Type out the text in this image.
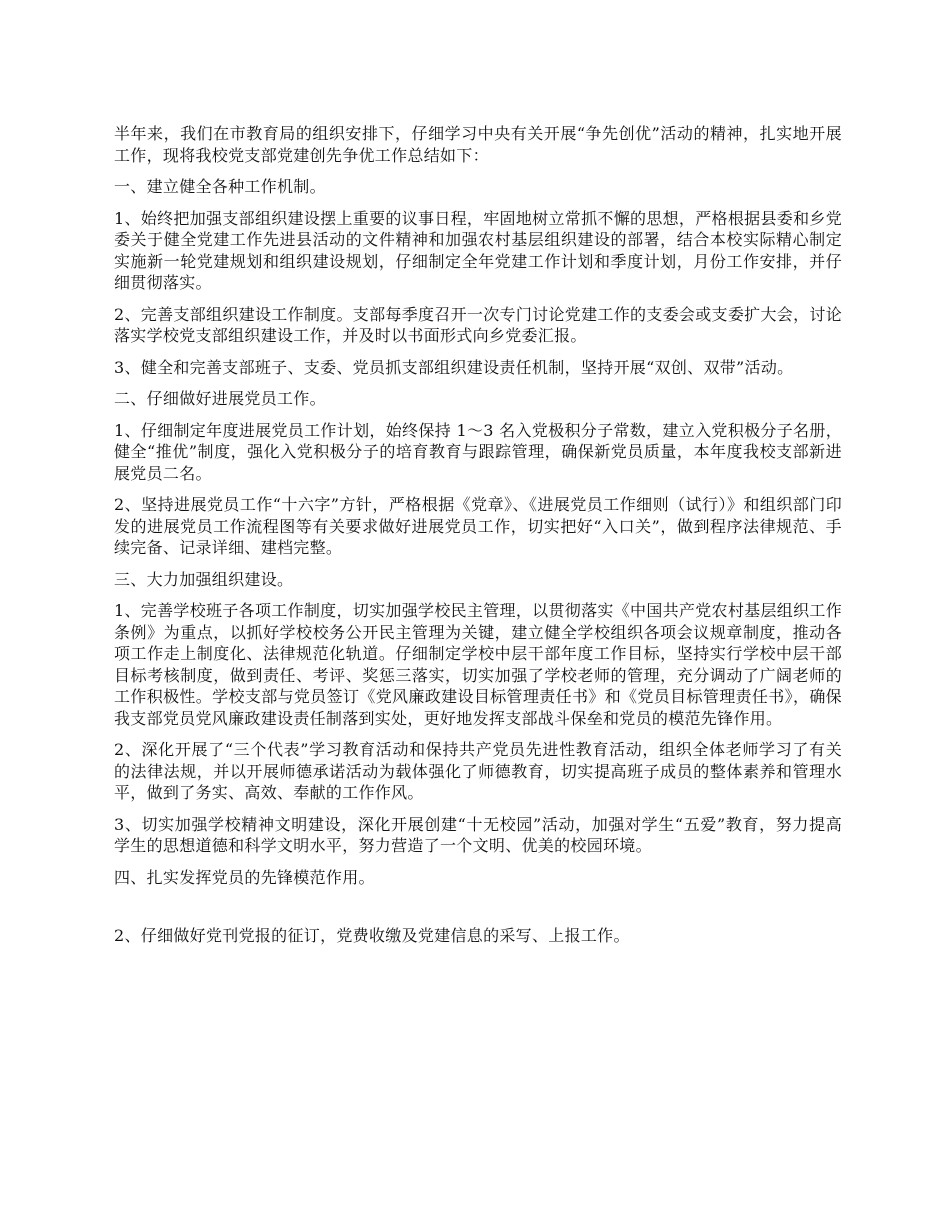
半年来，我们在市教育局的组织安排下，仔细学习中央有关开展“争先创优”活动的精神，扎实地开展工作，现将我校党支部党建创先争优工作总结如下：

一、建立健全各种工作机制。

1、始终把加强支部组织建设摆上重要的议事日程，牢固地树立常抓不懈的思想，严格根据县委和乡党委关于健全党建工作先进县活动的文件精神和加强农村基层组织建设的部署，结合本校实际精心制定实施新一轮党建规划和组织建设规划，仔细制定全年党建工作计划和季度计划，月份工作安排，并仔细贯彻落实。

2、完善支部组织建设工作制度。支部每季度召开一次专门讨论党建工作的支委会或支委扩大会，讨论落实学校党支部组织建设工作，并及时以书面形式向乡党委汇报。

3、健全和完善支部班子、支委、党员抓支部组织建设责任机制，坚持开展“双创、双带”活动。

二、仔细做好进展党员工作。

1、仔细制定年度进展党员工作计划，始终保持 1～3 名入党极积分子常数，建立入党积极分子名册，健全“推优”制度，强化入党积极分子的培育教育与跟踪管理，确保新党员质量，本年度我校支部新进展党员二名。

2、坚持进展党员工作“十六字”方针，严格根据《党章》、《进展党员工作细则（试行）》和组织部门印发的进展党员工作流程图等有关要求做好进展党员工作，切实把好“入口关”，做到程序法律规范、手续完备、记录详细、建档完整。

三、大力加强组织建设。

1、完善学校班子各项工作制度，切实加强学校民主管理，以贯彻落实《中国共产党农村基层组织工作条例》为重点，以抓好学校校务公开民主管理为关键，建立健全学校组织各项会议规章制度，推动各项工作走上制度化、法律规范化轨道。仔细制定学校中层干部年度工作目标，坚持实行学校中层干部目标考核制度，做到责任、考评、奖惩三落实，切实加强了学校老师的管理，充分调动了广阔老师的工作积极性。学校支部与党员签订《党风廉政建设目标管理责任书》和《党员目标管理责任书》，确保我支部党员党风廉政建设责任制落到实处，更好地发挥支部战斗保垒和党员的模范先锋作用。

2、深化开展了“三个代表”学习教育活动和保持共产党员先进性教育活动，组织全体老师学习了有关的法律法规，并以开展师德承诺活动为载体强化了师德教育，切实提高班子成员的整体素养和管理水平，做到了务实、高效、奉献的工作作风。

3、切实加强学校精神文明建设，深化开展创建“十无校园”活动，加强对学生“五爱”教育，努力提高学生的思想道德和科学文明水平，努力营造了一个文明、优美的校园环境。

四、扎实发挥党员的先锋模范作用。

2、仔细做好党刊党报的征订，党费收缴及党建信息的采写、上报工作。
